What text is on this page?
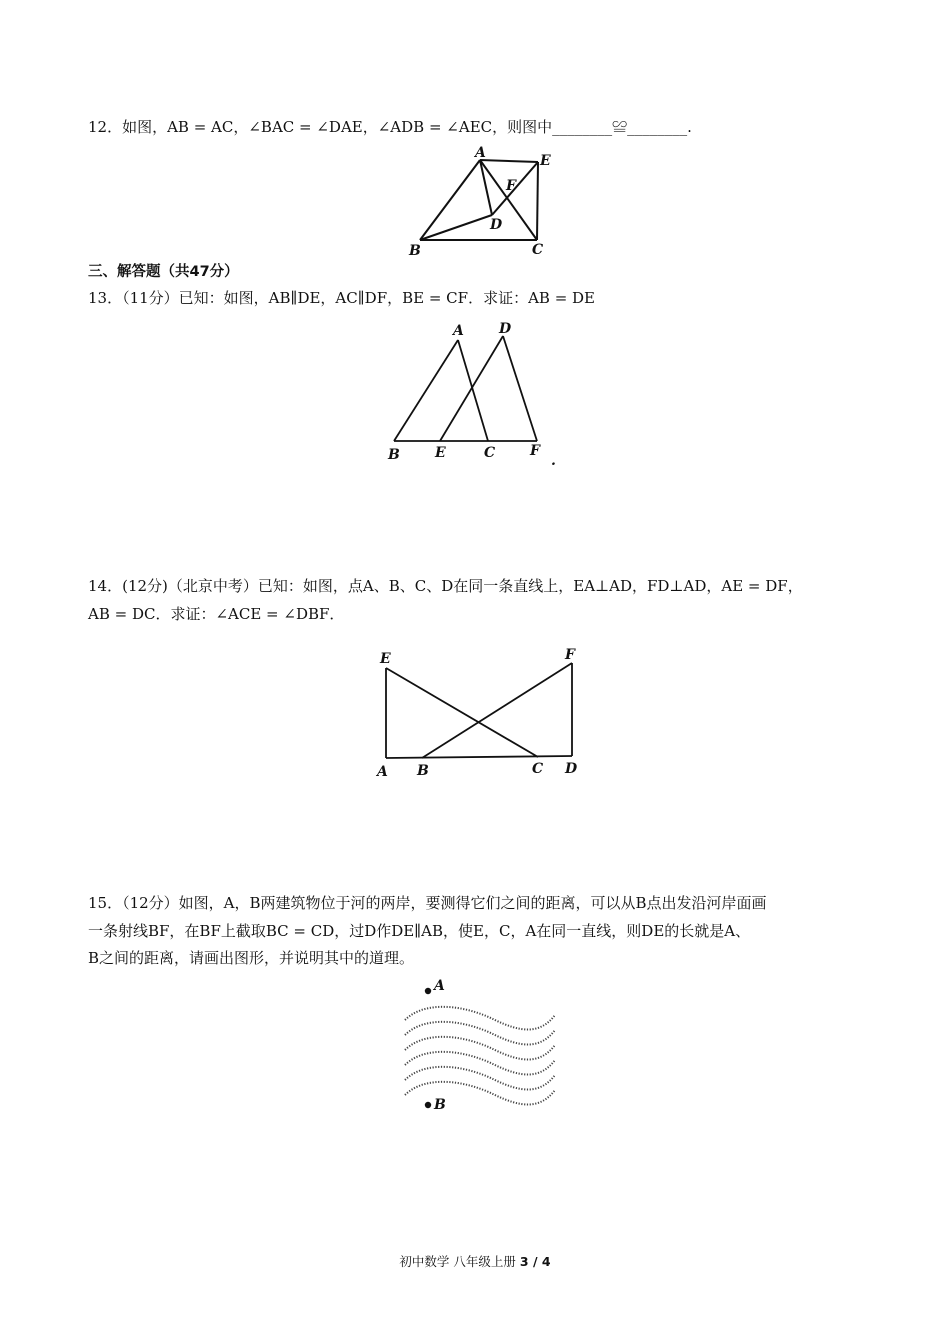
12．如图，AB = AC，∠BAC = ∠DAE，∠ADB = ∠AEC，则图中________≌________.
A	E
F
D
B	C
三、解答题（共47分）
13．（11分）已知：如图，AB∥DE，AC∥DF，BE = CF．求证：AB = DE
A	D
B	E	C F
.
14．(12分)（北京中考）已知：如图，点A、B、C、D在同一条直线上，EA⊥AD，FD⊥AD，AE = DF，
AB = DC．求证：∠ACE = ∠DBF．
E	F
A B	C D
15．（12分）如图，A，B两建筑物位于河的两岸，要测得它们之间的距离，可以从B点出发沿河岸面画
一条射线BF，在BF上截取BC = CD，过D作DE∥AB，使E，C，A在同一直线，则DE的长就是A、
B之间的距离，请画出图形，并说明其中的道理。
A
B
初中数学 八年级上册 3 / 4
